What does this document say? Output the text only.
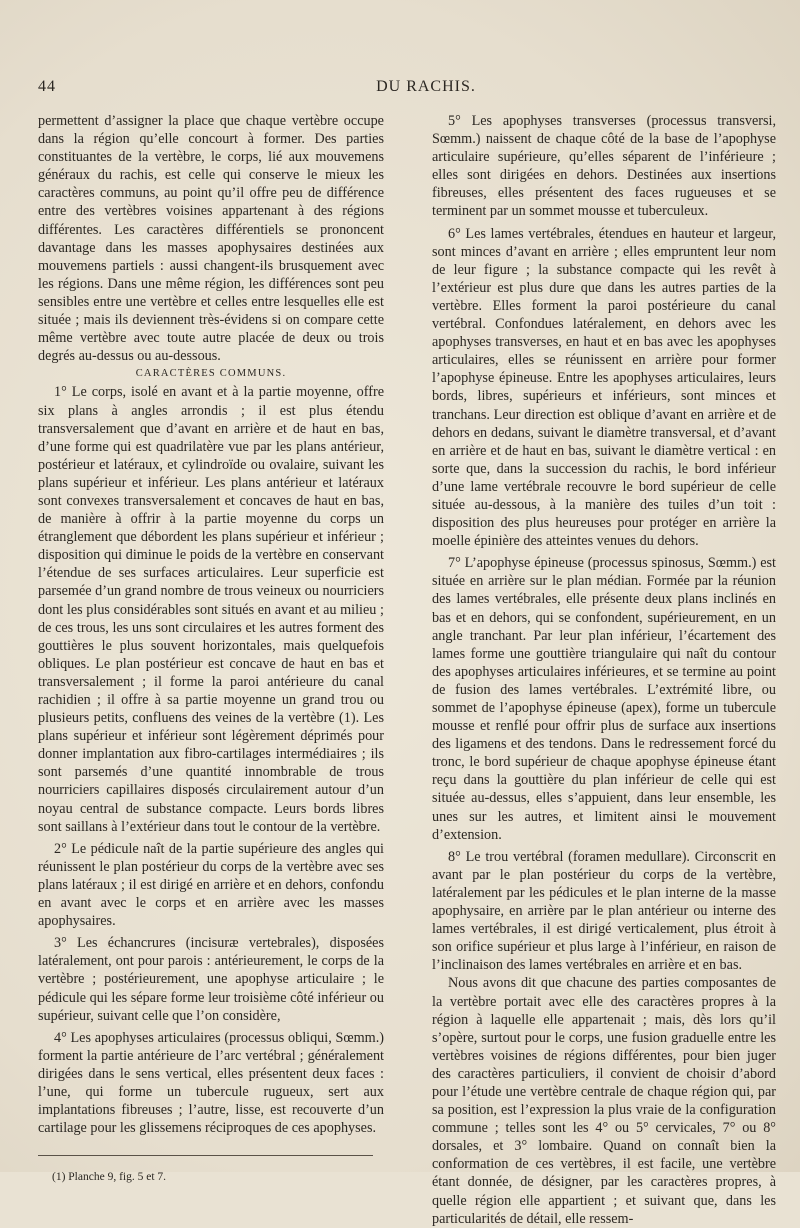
44	DU RACHIS.

permettent d’assigner la place que chaque vertèbre occupe dans la région qu’elle concourt à former. Des parties constituantes de la vertèbre, le corps, lié aux mouvemens généraux du rachis, est celle qui conserve le mieux les caractères communs, au point qu’il offre peu de différence entre des vertèbres voisines appartenant à des régions différentes. Les caractères différentiels se prononcent davantage dans les masses apophysaires destinées aux mouvemens partiels : aussi changent-ils brusquement avec les régions. Dans une même région, les différences sont peu sensibles entre une vertèbre et celles entre lesquelles elle est située ; mais ils deviennent très-évidens si on compare cette même vertèbre avec toute autre placée de deux ou trois degrés au-dessus ou au-dessous.

CARACTÈRES COMMUNS.

1° Le corps, isolé en avant et à la partie moyenne, offre six plans à angles arrondis ; il est plus étendu transversalement que d’avant en arrière et de haut en bas, d’une forme qui est quadrilatère vue par les plans antérieur, postérieur et latéraux, et cylindroïde ou ovalaire, suivant les plans supérieur et inférieur. Les plans antérieur et latéraux sont convexes transversalement et concaves de haut en bas, de manière à offrir à la partie moyenne du corps un étranglement que débordent les plans supérieur et inférieur ; disposition qui diminue le poids de la vertèbre en conservant l’étendue de ses surfaces articulaires. Leur superficie est parsemée d’un grand nombre de trous veineux ou nourriciers dont les plus considérables sont situés en avant et au milieu ; de ces trous, les uns sont circulaires et les autres forment des gouttières le plus souvent horizontales, mais quelquefois obliques. Le plan postérieur est concave de haut en bas et transversalement ; il forme la paroi antérieure du canal rachidien ; il offre à sa partie moyenne un grand trou ou plusieurs petits, confluens des veines de la vertèbre (1). Les plans supérieur et inférieur sont légèrement déprimés pour donner implantation aux fibro-cartilages intermédiaires ; ils sont parsemés d’une quantité innombrable de trous nourriciers capillaires disposés circulairement autour d’un noyau central de substance compacte. Leurs bords libres sont saillans à l’extérieur dans tout le contour de la vertèbre.

2° Le pédicule naît de la partie supérieure des angles qui réunissent le plan postérieur du corps de la vertèbre avec ses plans latéraux ; il est dirigé en arrière et en dehors, confondu en avant avec le corps et en arrière avec les masses apophysaires.

3° Les échancrures (incisuræ vertebrales), disposées latéralement, ont pour parois : antérieurement, le corps de la vertèbre ; postérieurement, une apophyse articulaire ; le pédicule qui les sépare forme leur troisième côté inférieur ou supérieur, suivant celle que l’on considère,

4° Les apophyses articulaires (processus obliqui, Sœmm.) forment la partie antérieure de l’arc vertébral ; généralement dirigées dans le sens vertical, elles présentent deux faces : l’une, qui forme un tubercule rugueux, sert aux implantations fibreuses ; l’autre, lisse, est recouverte d’un cartilage pour les glissemens réciproques de ces apophyses.

(1) Planche 9, fig. 5 et 7.

5° Les apophyses transverses (processus transversi, Sœmm.) naissent de chaque côté de la base de l’apophyse articulaire supérieure, qu’elles séparent de l’inférieure ; elles sont dirigées en dehors. Destinées aux insertions fibreuses, elles présentent des faces rugueuses et se terminent par un sommet mousse et tuberculeux.

6° Les lames vertébrales, étendues en hauteur et largeur, sont minces d’avant en arrière ; elles empruntent leur nom de leur figure ; la substance compacte qui les revêt à l’extérieur est plus dure que dans les autres parties de la vertèbre. Elles forment la paroi postérieure du canal vertébral. Confondues latéralement, en dehors avec les apophyses transverses, en haut et en bas avec les apophyses articulaires, elles se réunissent en arrière pour former l’apophyse épineuse. Entre les apophyses articulaires, leurs bords, libres, supérieurs et inférieurs, sont minces et tranchans. Leur direction est oblique d’avant en arrière et de dehors en dedans, suivant le diamètre transversal, et d’avant en arrière et de haut en bas, suivant le diamètre vertical : en sorte que, dans la succession du rachis, le bord inférieur d’une lame vertébrale recouvre le bord supérieur de celle située au-dessous, à la manière des tuiles d’un toit : disposition des plus heureuses pour protéger en arrière la moelle épinière des atteintes venues du dehors.

7° L’apophyse épineuse (processus spinosus, Sœmm.) est située en arrière sur le plan médian. Formée par la réunion des lames vertébrales, elle présente deux plans inclinés en bas et en dehors, qui se confondent, supérieurement, en un angle tranchant. Par leur plan inférieur, l’écartement des lames forme une gouttière triangulaire qui naît du contour des apophyses articulaires inférieures, et se termine au point de fusion des lames vertébrales. L’extrémité libre, ou sommet de l’apophyse épineuse (apex), forme un tubercule mousse et renflé pour offrir plus de surface aux insertions des ligamens et des tendons. Dans le redressement forcé du tronc, le bord supérieur de chaque apophyse épineuse étant reçu dans la gouttière du plan inférieur de celle qui est située au-dessus, elles s’appuient, dans leur ensemble, les unes sur les autres, et limitent ainsi le mouvement d’extension.

8° Le trou vertébral (foramen medullare). Circonscrit en avant par le plan postérieur du corps de la vertèbre, latéralement par les pédicules et le plan interne de la masse apophysaire, en arrière par le plan antérieur ou interne des lames vertébrales, il est dirigé verticalement, plus étroit à son orifice supérieur et plus large à l’inférieur, en raison de l’inclinaison des lames vertébrales en arrière et en bas.

Nous avons dit que chacune des parties composantes de la vertèbre portait avec elle des caractères propres à la région à laquelle elle appartenait ; mais, dès lors qu’il s’opère, surtout pour le corps, une fusion graduelle entre les vertèbres voisines de régions différentes, pour bien juger des caractères particuliers, il convient de choisir d’abord pour l’étude une vertèbre centrale de chaque région qui, par sa position, est l’expression la plus vraie de la configuration commune ; telles sont les 4° ou 5° cervicales, 7° ou 8° dorsales, et 3° lombaire. Quand on connaît bien la conformation de ces vertèbres, il est facile, une vertèbre étant donnée, de désigner, par les caractères propres, à quelle région elle appartient ; et suivant que, dans les particularités de détail, elle ressem-
